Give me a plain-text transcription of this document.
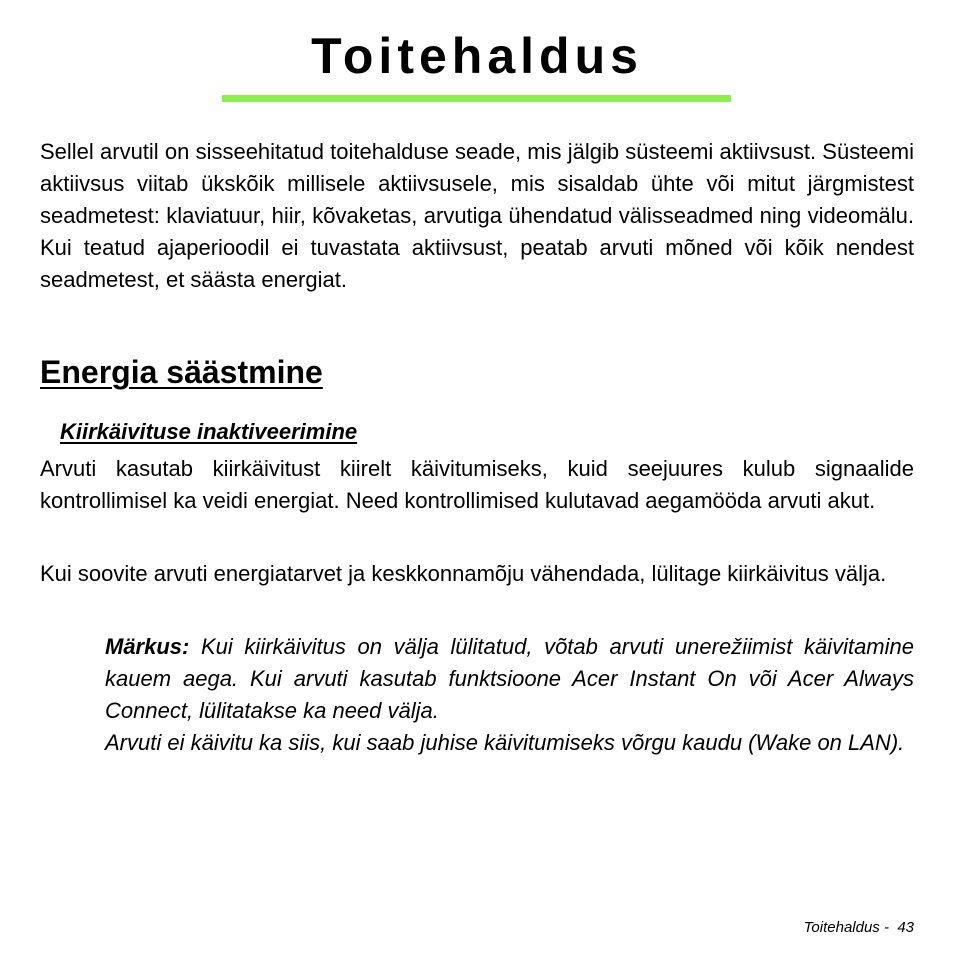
Toitehaldus

Sellel arvutil on sisseehitatud toitehalduse seade, mis jälgib süsteemi aktiivsust. Süsteemi aktiivsus viitab ükskõik millisele aktiivsusele, mis sisaldab ühte või mitut järgmistest seadmetest: klaviatuur, hiir, kõvaketas, arvutiga ühendatud välisseadmed ning videomälu. Kui teatud ajaperioodil ei tuvastata aktiivsust, peatab arvuti mõned või kõik nendest seadmetest, et säästa energiat.

Energia säästmine
Kiirkäivituse inaktiveerimine

Arvuti kasutab kiirkäivitust kiirelt käivitumiseks, kuid seejuures kulub signaalide kontrollimisel ka veidi energiat. Need kontrollimised kulutavad aegamööda arvuti akut.

Kui soovite arvuti energiatarvet ja keskkonnamõju vähendada, lülitage kiirkäivitus välja.

Märkus: Kui kiirkäivitus on välja lülitatud, võtab arvuti unerežiimist käivitamine kauem aega. Kui arvuti kasutab funktsioone Acer Instant On või Acer Always Connect, lülitatakse ka need välja.

Arvuti ei käivitu ka siis, kui saab juhise käivitumiseks võrgu kaudu (Wake on LAN).

Toitehaldus - 43
